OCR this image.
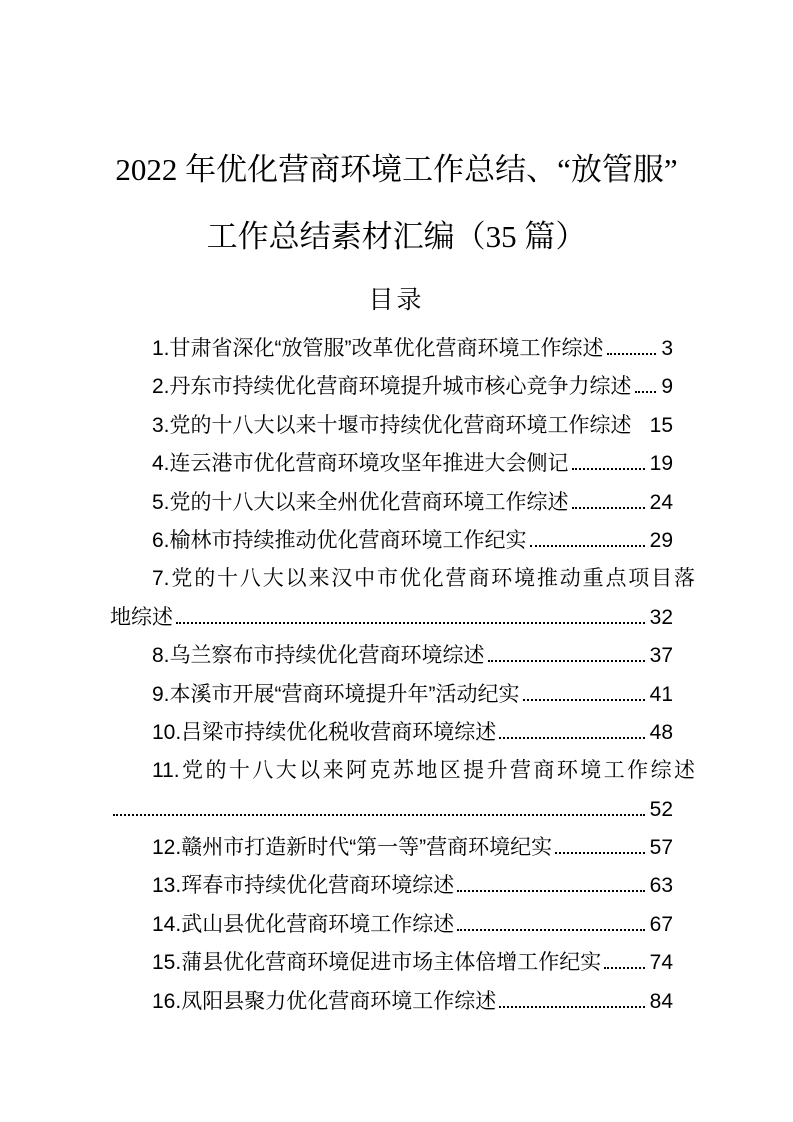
2022 年优化营商环境工作总结、“放管服”
工作总结素材汇编（35 篇）
目录
1.甘肃省深化“放管服”改革优化营商环境工作综述	3
2.丹东市持续优化营商环境提升城市核心竞争力综述 9
3.党的十八大以来十堰市持续优化营商环境工作综述 15
4.连云港市优化营商环境攻坚年推进大会侧记	19
5.党的十八大以来全州优化营商环境工作综述	24
6.榆林市持续推动优化营商环境工作纪实	29
7.党的十八大以来汉中市优化营商环境推动重点项目落
地综述	32
8.乌兰察布市持续优化营商环境综述	37
9.本溪市开展“营商环境提升年”活动纪实	41
10.吕梁市持续优化税收营商环境综述	48
11.党的十八大以来阿克苏地区提升营商环境工作综述
52
12.赣州市打造新时代“第一等”营商环境纪实	57
13.珲春市持续优化营商环境综述	63
14.武山县优化营商环境工作综述	67
15.蒲县优化营商环境促进市场主体倍增工作纪实 74
16.凤阳县聚力优化营商环境工作综述	84
